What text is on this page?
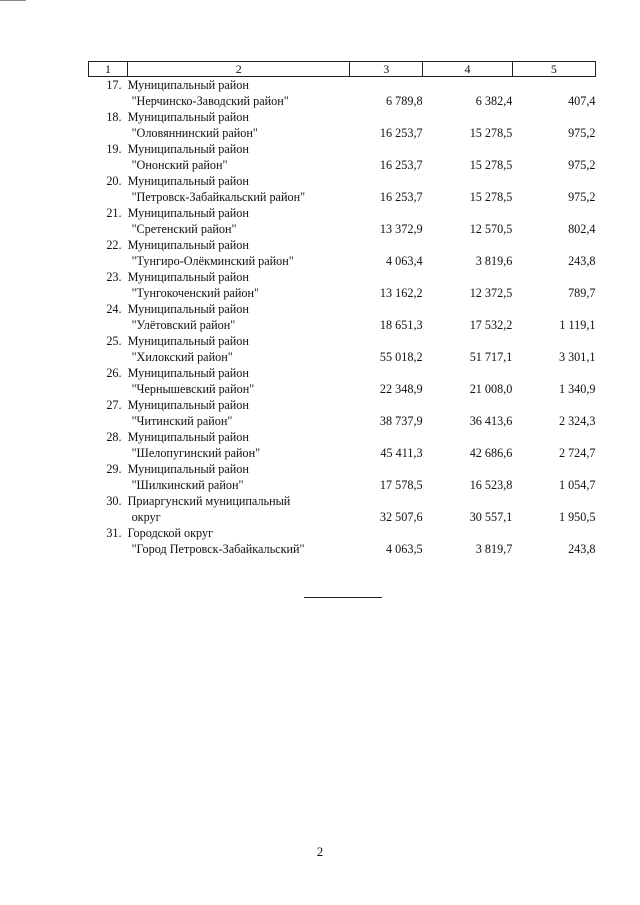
1	2	3	4	5
17.	Муниципальный район
"Нерчинско-Заводский район"	6 789,8	6 382,4	407,4
18.	Муниципальный район
"Оловяннинский район"	16 253,7	15 278,5	975,2
19.	Муниципальный район
"Ононский район"	16 253,7	15 278,5	975,2
20.	Муниципальный район
"Петровск-Забайкальский район"	16 253,7	15 278,5	975,2
21.	Муниципальный район
"Сретенский район"	13 372,9	12 570,5	802,4
22.	Муниципальный район
"Тунгиро-Олёкминский район"	4 063,4	3 819,6	243,8
23.	Муниципальный район
"Тунгокоченский район"	13 162,2	12 372,5	789,7
24.	Муниципальный район
"Улётовский район"	18 651,3	17 532,2	1 119,1
25.	Муниципальный район
"Хилокский район"	55 018,2	51 717,1	3 301,1
26.	Муниципальный район
"Чернышевский район"	22 348,9	21 008,0	1 340,9
27.	Муниципальный район
"Читинский район"	38 737,9	36 413,6	2 324,3
28.	Муниципальный район
"Шелопугинский район"	45 411,3	42 686,6	2 724,7
29.	Муниципальный район
"Шилкинский район"	17 578,5	16 523,8	1 054,7
30.	Приаргунский муниципальный
округ	32 507,6	30 557,1	1 950,5
31.	Городской округ
"Город Петровск-Забайкальский"	4 063,5	3 819,7	243,8
2
